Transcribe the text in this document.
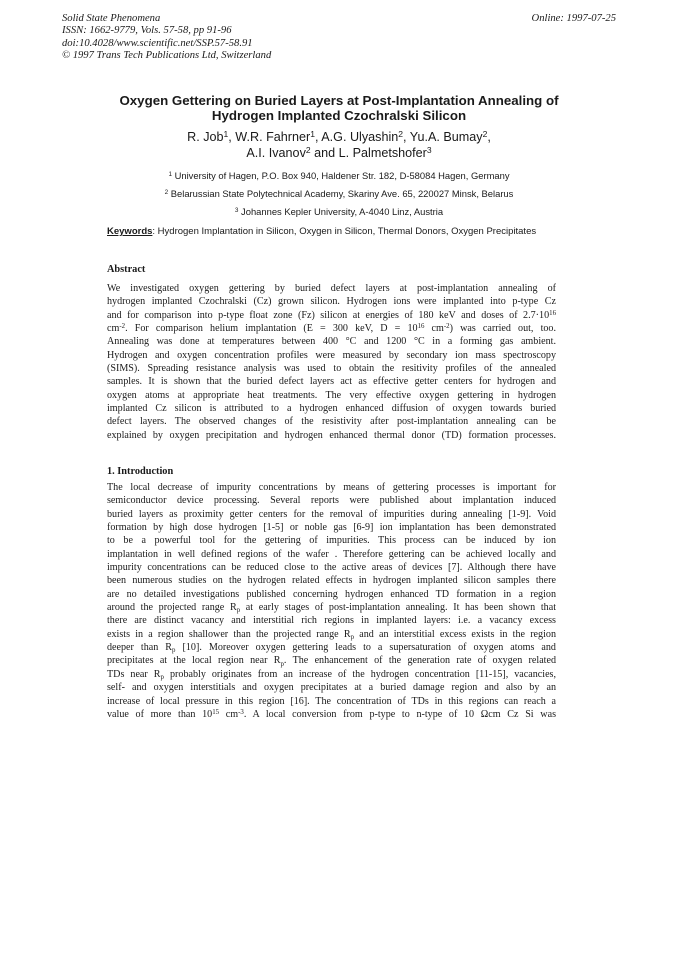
Solid State Phenomena
ISSN: 1662-9779, Vols. 57-58, pp 91-96
doi:10.4028/www.scientific.net/SSP.57-58.91
© 1997 Trans Tech Publications Ltd, Switzerland
Online: 1997-07-25
Oxygen Gettering on Buried Layers at Post-Implantation Annealing of
Hydrogen Implanted Czochralski Silicon
R. Job$^1$, W.R. Fahrner$^1$, A.G. Ulyashin$^2$, Yu.A. Bumay$^2$,
A.I. Ivanov$^2$ and L. Palmetshofer$^3$
$^1$ University of Hagen, P.O. Box 940, Haldener Str. 182, D-58084 Hagen, Germany
$^2$ Belarussian State Polytechnical Academy, Skariny Ave. 65, 220027 Minsk, Belarus
$^3$ Johannes Kepler University, A-4040 Linz, Austria
Keywords: Hydrogen Implantation in Silicon, Oxygen in Silicon, Thermal Donors, Oxygen Precipitates
Abstract
We investigated oxygen gettering by buried defect layers at post-implantation annealing of
hydrogen implanted Czochralski (Cz) grown silicon. Hydrogen ions were implanted into p-type Cz
and for comparison into p-type float zone (Fz) silicon at energies of 180 keV and doses of $2.7\cdot 10^{16}$
$cm^{-2}$. For comparison helium implantation (E = 300 keV, $D = 10^{16}$ $cm^{-2}$) was carried out, too.
Annealing was done at temperatures between 400 °C and 1200 °C in a forming gas ambient.
Hydrogen and oxygen concentration profiles were measured by secondary ion mass spectroscopy
(SIMS). Spreading resistance analysis was used to obtain the resitivity profiles of the annealed
samples. It is shown that the buried defect layers act as effective getter centers for hydrogen and
oxygen atoms at appropriate heat treatments. The very effective oxygen gettering in hydrogen
implanted Cz silicon is attributed to a hydrogen enhanced diffusion of oxygen towards buried
defect layers. The observed changes of the resistivity after post-implantation annealing can be
explained by oxygen precipitation and hydrogen enhanced thermal donor (TD) formation processes.
1. Introduction
The local decrease of impurity concentrations by means of gettering processes is important for
semiconductor device processing. Several reports were published about implantation induced
buried layers as proximity getter centers for the removal of impurities during annealing [1-9]. Void
formation by high dose hydrogen [1-5] or noble gas [6-9] ion implantation has been demonstrated
to be a powerful tool for the gettering of impurities. This process can be induced by ion
implantation in well defined regions of the wafer . Therefore gettering can be achieved locally and
impurity concentrations can be reduced close to the active areas of devices [7]. Although there have
been numerous studies on the hydrogen related effects in hydrogen implanted silicon samples there
are no detailed investigations published concerning hydrogen enhanced TD formation in a region
around the projected range $R_p$ at early stages of post-implantation annealing. It has been shown that
there are distinct vacancy and interstitial rich regions in implanted layers: i.e. a vacancy excess
exists in a region shallower than the projected range $R_p$ and an interstitial excess exists in the region
deeper than $R_p$ [10]. Moreover oxygen gettering leads to a supersaturation of oxygen atoms and
precipitates at the local region near $R_p$. The enhancement of the generation rate of oxygen related
TDs near $R_p$ probably originates from an increase of the hydrogen concentration [11-15], vacancies,
self- and oxygen interstitials and oxygen precipitates at a buried damage region and also by an
increase of local pressure in this region [16]. The concentration of TDs in this regions can reach a
value of more than $10^{15}$ $cm^{-3}$. A local conversion from p-type to n-type of 10 Ωcm Cz Si was
